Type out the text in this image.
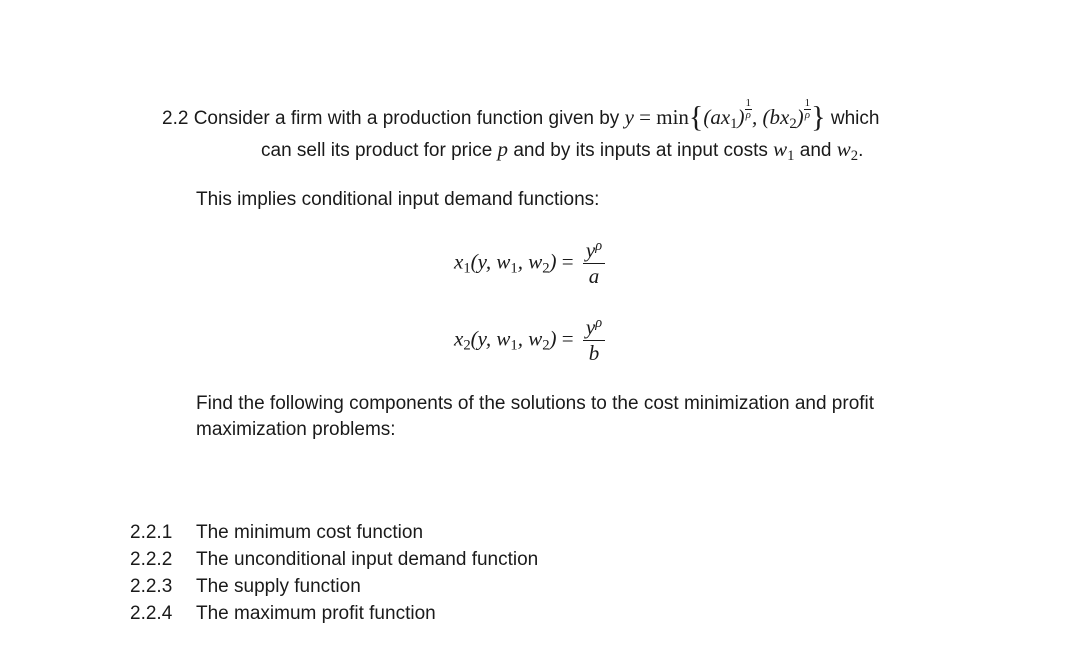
2.2 Consider a firm with a production function given by $y = \min\{(ax_1) \frac{1}{\rho}$ , $(bx_2) \frac{1}{\rho}$ } which
can sell its product for price p and by its inputs at input costs $w_1$ and $w_2$.
This implies conditional input demand functions:
$x_1(y$, $w_1$, $w_2) = \frac{y^\rho}{a}$
$x_2(y$, $w_1$, $w_2) = \frac{y^\rho}{b}$
Find the following components of the solutions to the cost minimization and profit
maximization problems:
2.2.1 The minimum cost function
2.2.2 The unconditional input demand function
2.2.3 The supply function
2.2.4 The maximum profit function
